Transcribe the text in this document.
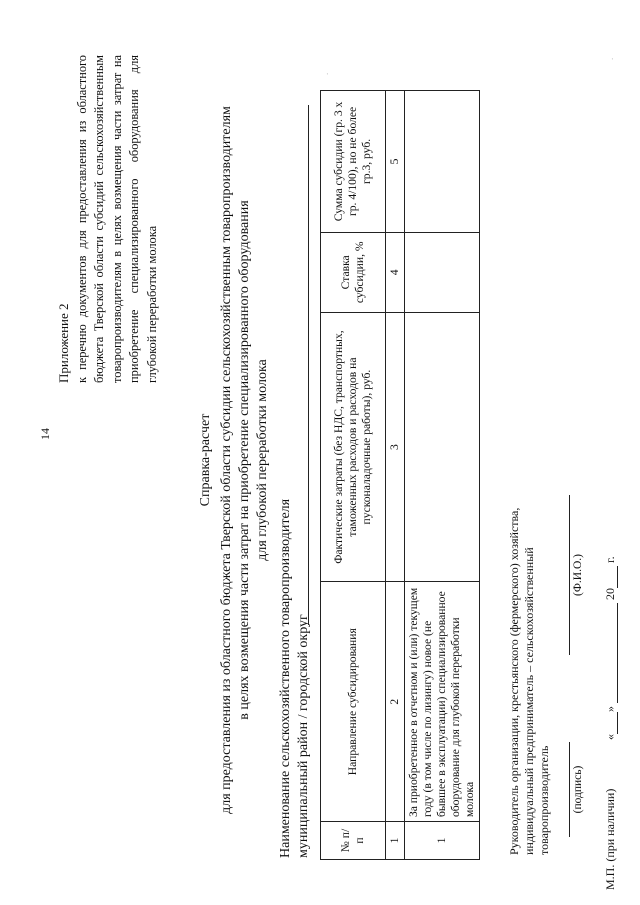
14
Приложение 2 к перечню документов для предоставления из областного бюджета Тверской области субсидий сельскохозяйственным товаропроизводителям в целях возмещения части затрат на приобретение специализированного оборудования для глубокой переработки молока
Справка-расчет для предоставления из областного бюджета Тверской области субсидии сельскохозяйственным товаропроизводителям в целях возмещения части затрат на приобретение специализированного оборудования для глубокой переработки молока
Наименование сельскохозяйственного товаропроизводителя муниципальный район / городской округ № п/п	Направление субсидирования	Фактические затраты (без НДС, транспортных, таможенных расходов и расходов на пусконаладочные работы), руб.	Ставка субсидии, %	Сумма субсидии (гр. 3 х гр. 4/100), но не более гр.3, руб.
1	2	3	4	5
1	За приобретенное в отчетном и (или) текущем году (в том числе по лизингу) новое (не бывшее в эксплуатации) специализированное оборудование для глубокой переработки молока				Руководитель организации, крестьянского (фермерского) хозяйства, индивидуальный предприниматель – сельскохозяйственный товаропроизводитель (подпись)
(Ф.И.О.)
М.П. (при наличии)
«»  20 г.
.
.
